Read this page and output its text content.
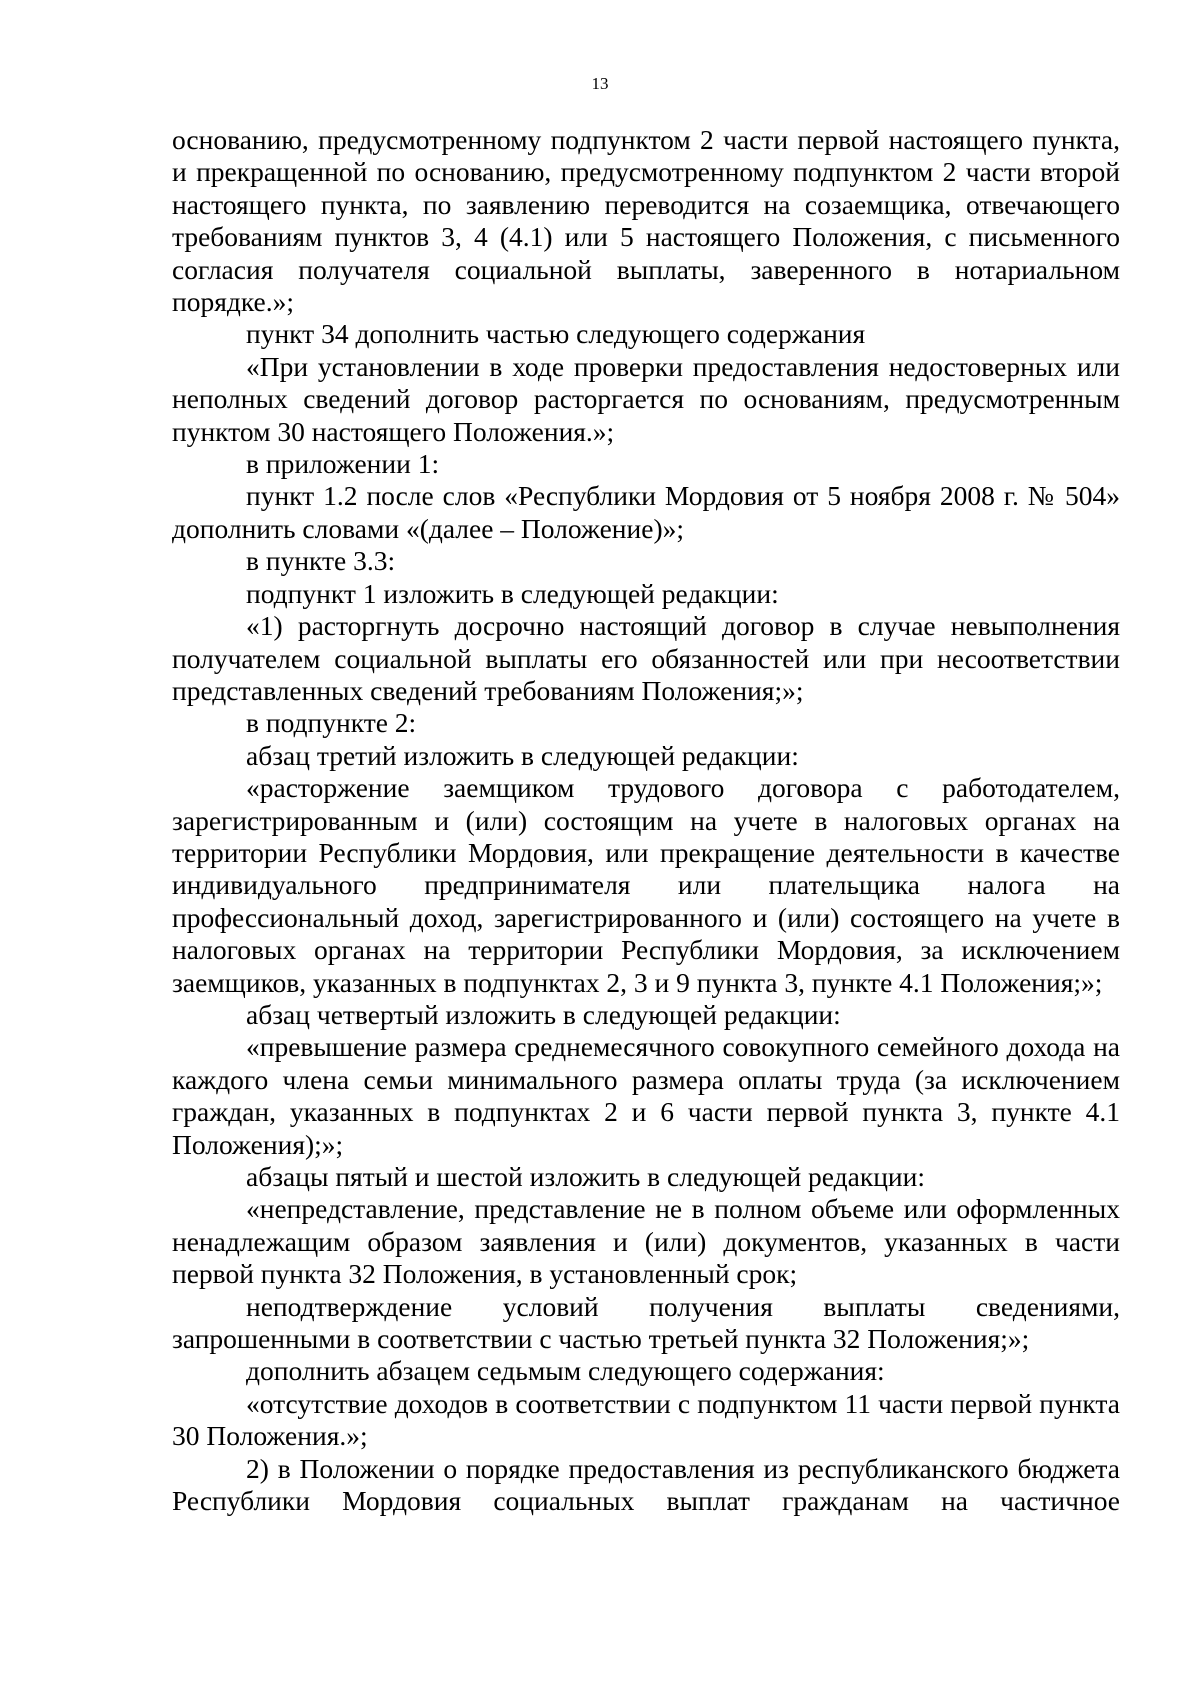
13

основанию, предусмотренному подпунктом 2 части первой настоящего пункта, и прекращенной по основанию, предусмотренному подпунктом 2 части второй настоящего пункта, по заявлению переводится на созаемщика, отвечающего требованиям пунктов 3, 4 (4.1) или 5 настоящего Положения, с письменного согласия получателя социальной выплаты, заверенного в нотариальном порядке.»;

пункт 34 дополнить частью следующего содержания

«При установлении в ходе проверки предоставления недостоверных или неполных сведений договор расторгается по основаниям, предусмотренным пунктом 30 настоящего Положения.»;

в приложении 1:

пункт 1.2 после слов «Республики Мордовия от 5 ноября 2008 г. № 504» дополнить словами «(далее – Положение)»;

в пункте 3.3:

подпункт 1 изложить в следующей редакции:

«1) расторгнуть досрочно настоящий договор в случае невыполнения получателем социальной выплаты его обязанностей или при несоответствии представленных сведений требованиям Положения;»;

в подпункте 2:

абзац третий изложить в следующей редакции:

«расторжение заемщиком трудового договора с работодателем, зарегистрированным и (или) состоящим на учете в налоговых органах на территории Республики Мордовия, или прекращение деятельности в качестве индивидуального предпринимателя или плательщика налога на профессиональный доход, зарегистрированного и (или) состоящего на учете в налоговых органах на территории Республики Мордовия, за исключением заемщиков, указанных в подпунктах 2, 3 и 9 пункта 3, пункте 4.1 Положения;»;

абзац четвертый изложить в следующей редакции:

«превышение размера среднемесячного совокупного семейного дохода на каждого члена семьи минимального размера оплаты труда (за исключением граждан, указанных в подпунктах 2 и 6 части первой пункта 3, пункте 4.1 Положения);»;

абзацы пятый и шестой изложить в следующей редакции:

«непредставление, представление не в полном объеме или оформленных ненадлежащим образом заявления и (или) документов, указанных в части первой пункта 32 Положения, в установленный срок;

неподтверждение условий получения выплаты сведениями, запрошенными в соответствии с частью третьей пункта 32 Положения;»;

дополнить абзацем седьмым следующего содержания:

«отсутствие доходов в соответствии с подпунктом 11 части первой пункта 30 Положения.»;

2) в Положении о порядке предоставления из республиканского бюджета Республики Мордовия социальных выплат гражданам на частичное
